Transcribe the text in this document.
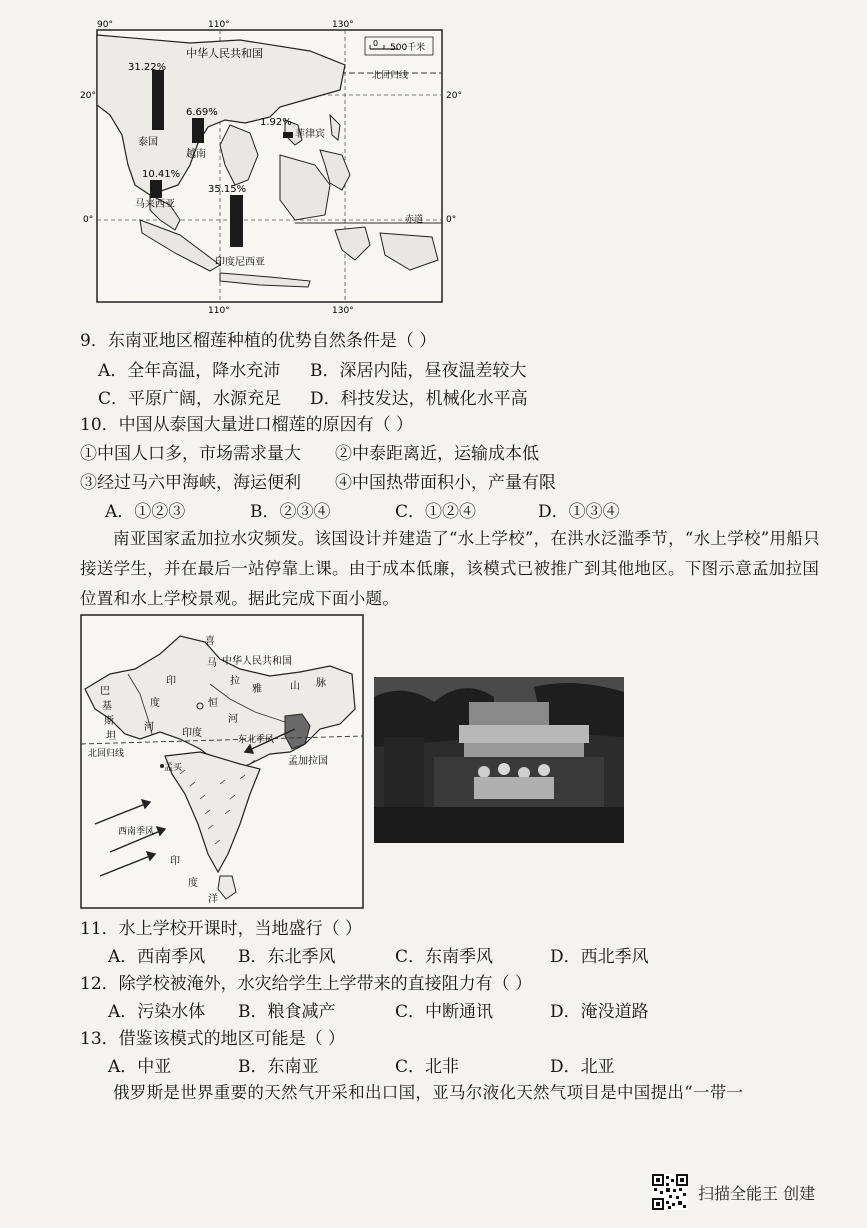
0 500千米
90°	110°	130°
110°	130°
20°	20°
0°	0°
中华人民共和国
北回归线
赤道
31.22%
泰国
6.69%
越南
1.92%
菲律宾
10.41%
马来西亚
35.15%
印度尼西亚
9．东南亚地区榴莲种植的优势自然条件是（ ）
A．全年高温，降水充沛 B．深居内陆，昼夜温差较大
C．平原广阔，水源充足 D．科技发达，机械化水平高
10．中国从泰国大量进口榴莲的原因有（ ）
①中国人口多，市场需求量大 ②中泰距离近，运输成本低
③经过马六甲海峡，海运便利 ④中国热带面积小，产量有限
A．①②③	B．②③④	C．①②④	D．①③④
南亚国家孟加拉水灾频发。该国设计并建造了“水上学校”，在洪水泛滥季节，“水上学校”用船只接送学生，并在最后一站停靠上课。由于成本低廉，该模式已被推广到其他地区。下图示意孟加拉国位置和水上学校景观。据此完成下面小题。
中华人民共和国
喜
马
拉
雅	山 脉
巴
基
斯
坦
印
度
河
恒
河
印度
东北季风
北回归线
孟买
孟加拉国
西南季风
印
度
洋
11．水上学校开课时，当地盛行（ ）
A．西南季风 B．东北季风	C．东南季风	D．西北季风
12．除学校被淹外，水灾给学生上学带来的直接阻力有（ ）
A．污染水体 B．粮食减产	C．中断通讯	D．淹没道路
13．借鉴该模式的地区可能是（ ）
A．中亚	B．东南亚	C．北非	D．北亚
俄罗斯是世界重要的天然气开采和出口国，亚马尔液化天然气项目是中国提出“一带一
扫描全能王 创建
